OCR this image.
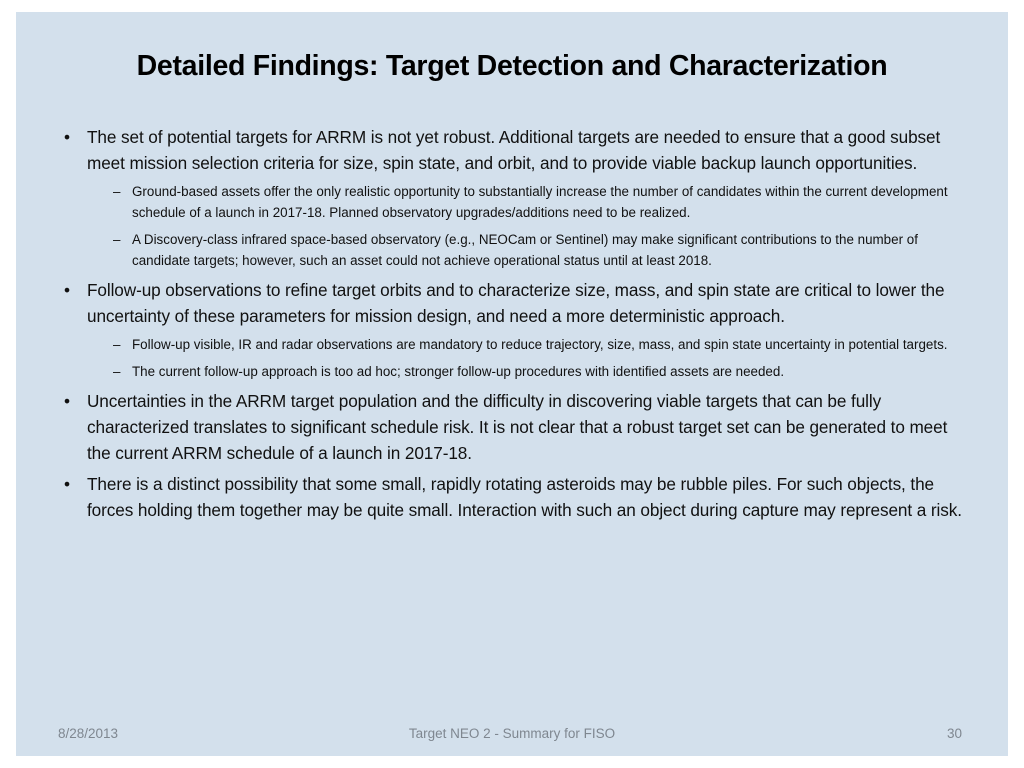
Detailed Findings: Target Detection and Characterization
• The set of potential targets for ARRM is not yet robust. Additional targets are needed to ensure that a good subset meet mission selection criteria for size, spin state, and orbit, and to provide viable backup launch opportunities.
– Ground-based assets offer the only realistic opportunity to substantially increase the number of candidates within the current development schedule of a launch in 2017-18. Planned observatory upgrades/additions need to be realized.
– A Discovery-class infrared space-based observatory (e.g., NEOCam or Sentinel) may make significant contributions to the number of candidate targets; however, such an asset could not achieve operational status until at least 2018.
• Follow-up observations to refine target orbits and to characterize size, mass, and spin state are critical to lower the uncertainty of these parameters for mission design, and need a more deterministic approach.
– Follow-up visible, IR and radar observations are mandatory to reduce trajectory, size, mass, and spin state uncertainty in potential targets.
– The current follow-up approach is too ad hoc; stronger follow-up procedures with identified assets are needed.
• Uncertainties in the ARRM target population and the difficulty in discovering viable targets that can be fully characterized translates to significant schedule risk. It is not clear that a robust target set can be generated to meet the current ARRM schedule of a launch in 2017-18.
• There is a distinct possibility that some small, rapidly rotating asteroids may be rubble piles. For such objects, the forces holding them together may be quite small. Interaction with such an object during capture may represent a risk.
8/28/2013	Target NEO 2 - Summary for FISO	30
